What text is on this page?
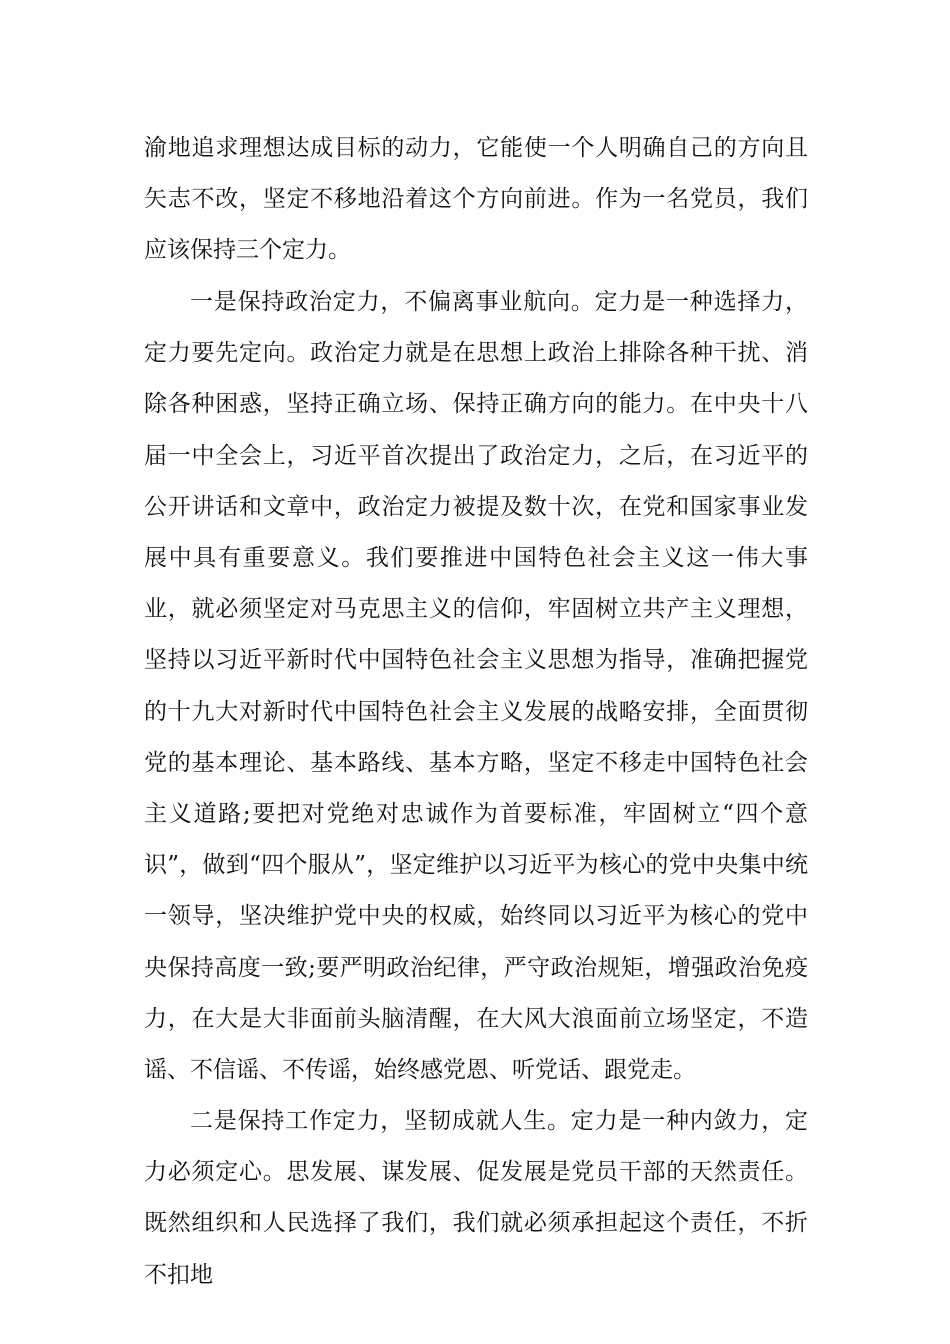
渝地追求理想达成目标的动力，它能使一个人明确自己的方向且矢志不改，坚定不移地沿着这个方向前进。作为一名党员，我们应该保持三个定力。

一是保持政治定力，不偏离事业航向。定力是一种选择力，定力要先定向。政治定力就是在思想上政治上排除各种干扰、消除各种困惑，坚持正确立场、保持正确方向的能力。在中央十八届一中全会上，习近平首次提出了政治定力，之后，在习近平的公开讲话和文章中，政治定力被提及数十次，在党和国家事业发展中具有重要意义。我们要推进中国特色社会主义这一伟大事业，就必须坚定对马克思主义的信仰，牢固树立共产主义理想，坚持以习近平新时代中国特色社会主义思想为指导，准确把握党的十九大对新时代中国特色社会主义发展的战略安排，全面贯彻党的基本理论、基本路线、基本方略，坚定不移走中国特色社会主义道路;要把对党绝对忠诚作为首要标准，牢固树立“四个意识”，做到“四个服从”，坚定维护以习近平为核心的党中央集中统一领导，坚决维护党中央的权威，始终同以习近平为核心的党中央保持高度一致;要严明政治纪律，严守政治规矩，增强政治免疫力，在大是大非面前头脑清醒，在大风大浪面前立场坚定，不造谣、不信谣、不传谣，始终感党恩、听党话、跟党走。

二是保持工作定力，坚韧成就人生。定力是一种内敛力，定力必须定心。思发展、谋发展、促发展是党员干部的天然责任。既然组织和人民选择了我们，我们就必须承担起这个责任，不折不扣地
